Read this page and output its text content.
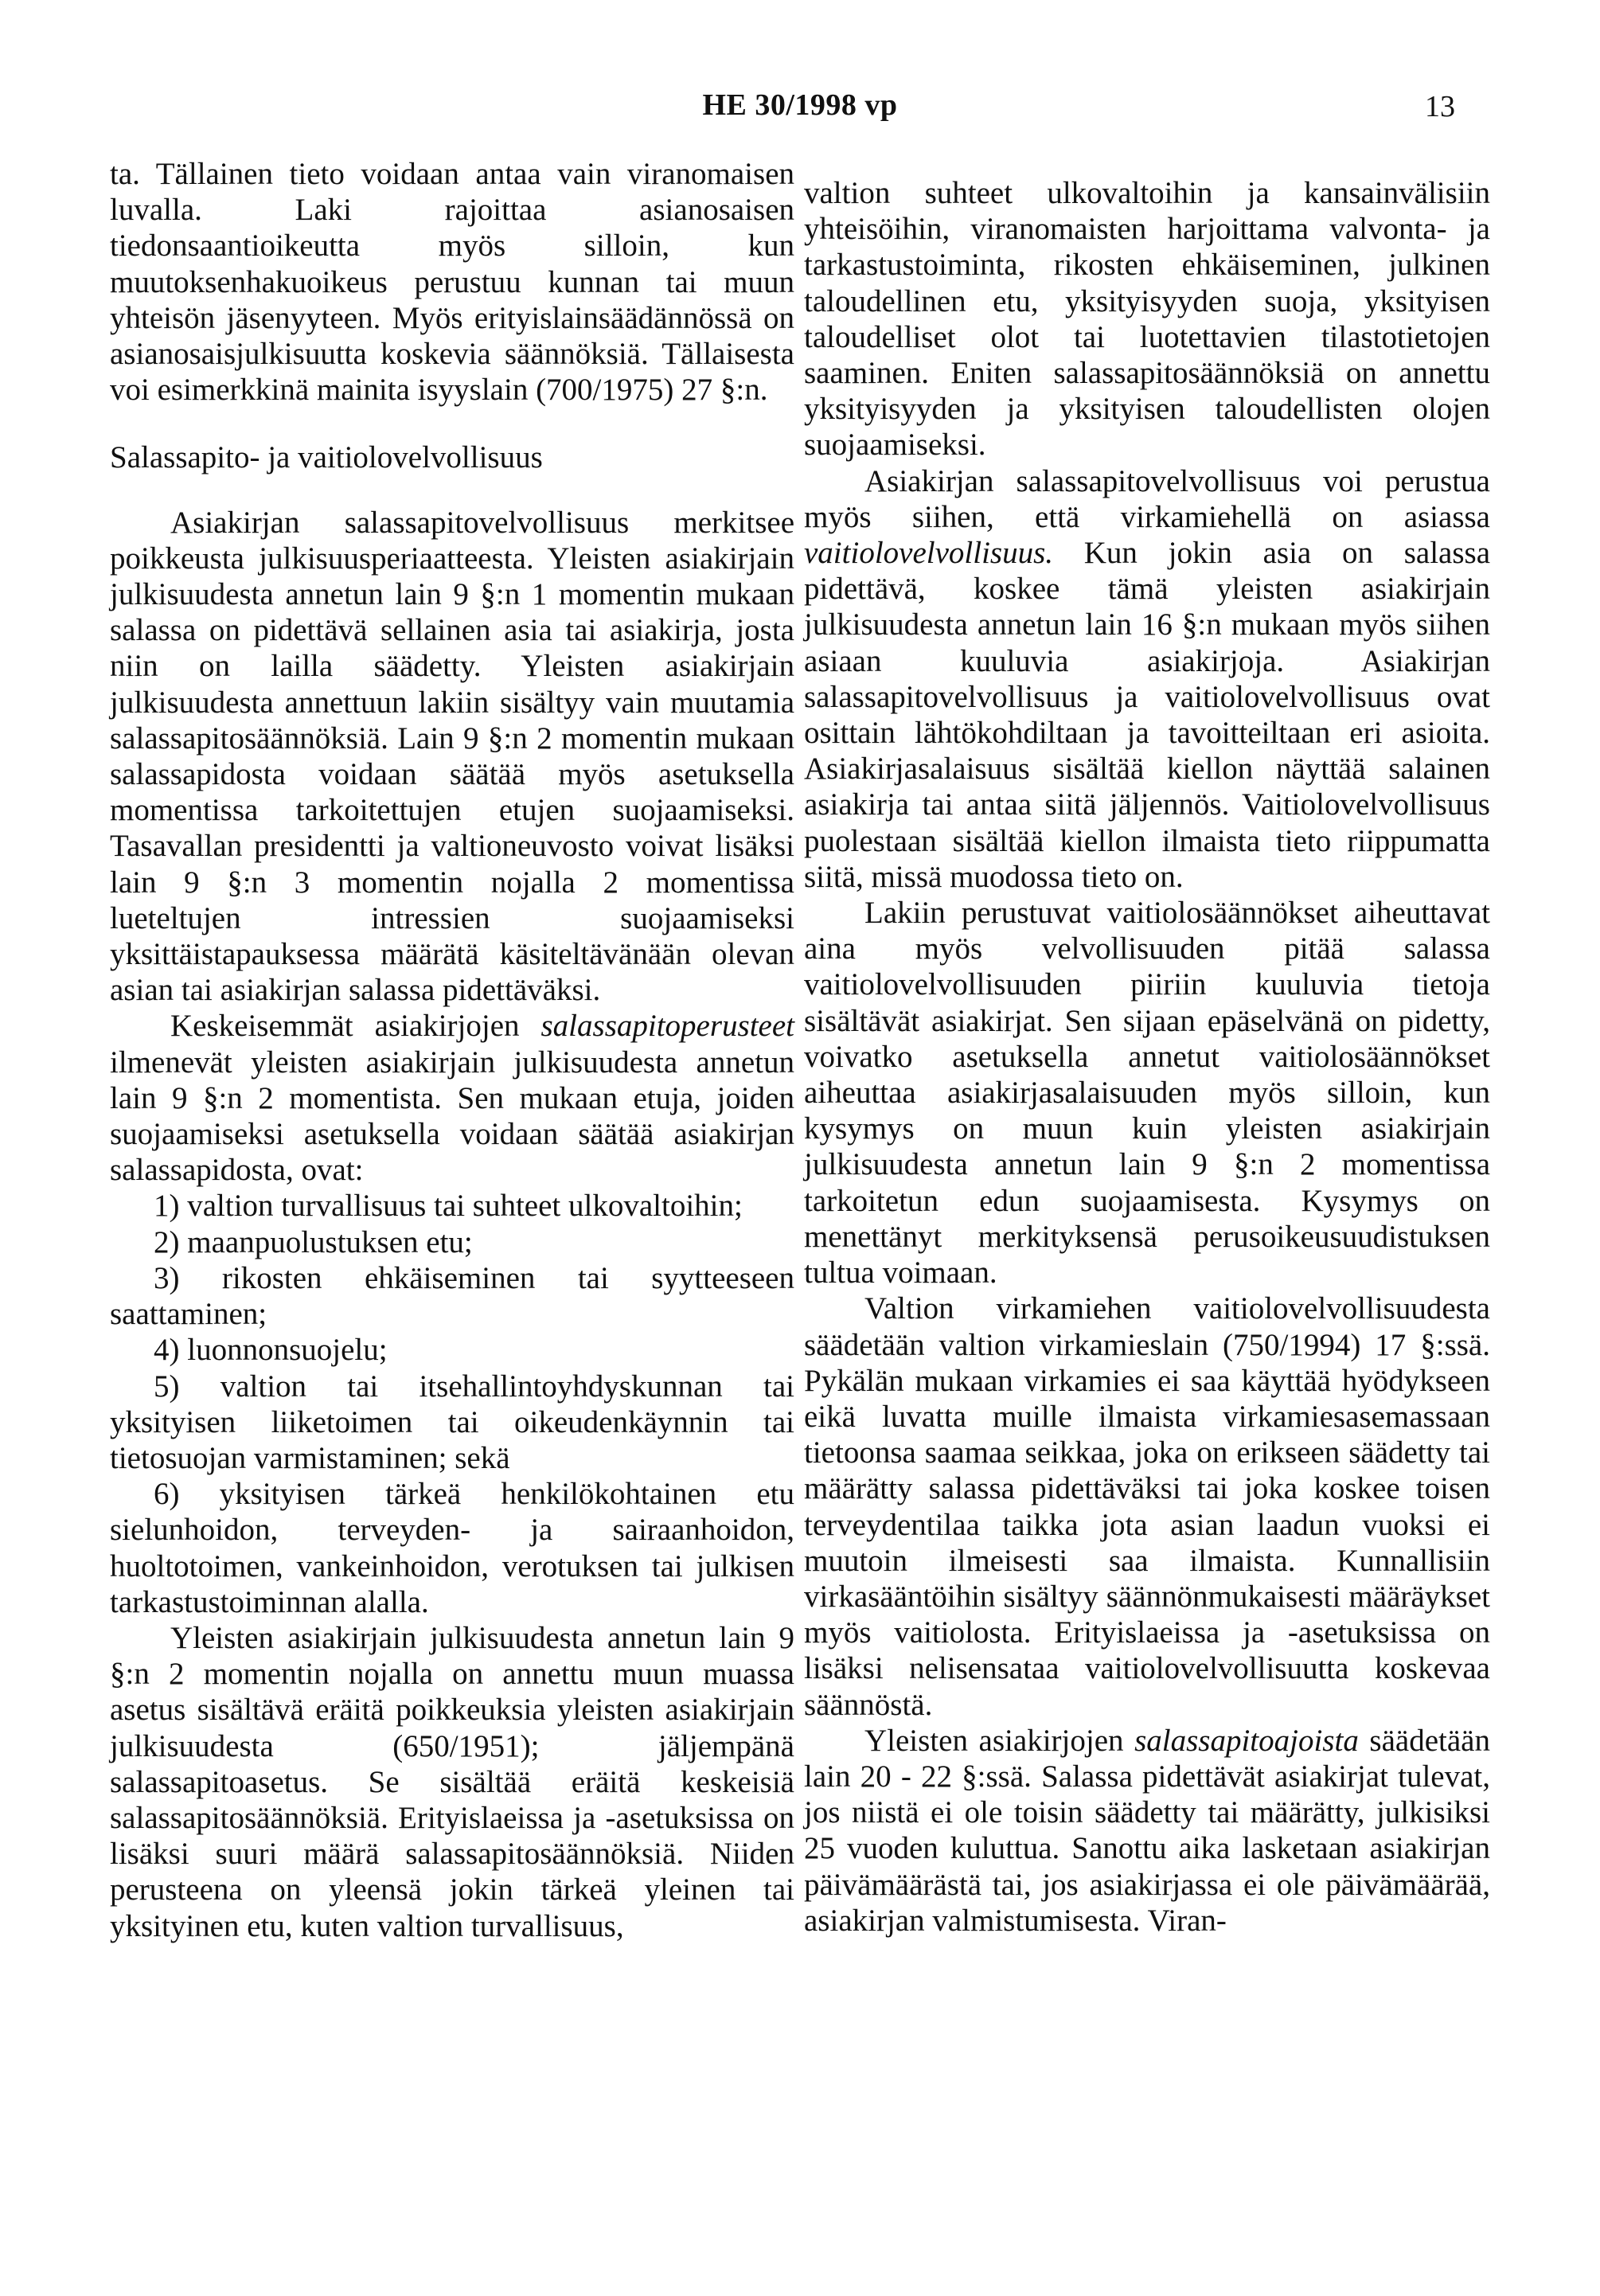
HE 30/1998 vp	13

ta. Tällainen tieto voidaan antaa vain viranomaisen luvalla. Laki rajoittaa asianosaisen tiedonsaantioikeutta myös silloin, kun muutoksenhakuoikeus perustuu kunnan tai muun yhteisön jäsenyyteen. Myös erityislainsäädännössä on asianosaisjulkisuutta koskevia säännöksiä. Tällaisesta voi esimerkkinä mainita isyyslain (700/1975) 27 §:n.

Salassapito- ja vaitiolovelvollisuus

Asiakirjan salassapitovelvollisuus merkitsee poikkeusta julkisuusperiaatteesta. Yleisten asiakirjain julkisuudesta annetun lain 9 §:n 1 momentin mukaan salassa on pidettävä sellainen asia tai asiakirja, josta niin on lailla säädetty. Yleisten asiakirjain julkisuudesta annettuun lakiin sisältyy vain muutamia salassapitosäännöksiä. Lain 9 §:n 2 momentin mukaan salassapidosta voidaan säätää myös asetuksella momentissa tarkoitettujen etujen suojaamiseksi. Tasavallan presidentti ja valtioneuvosto voivat lisäksi lain 9 §:n 3 momentin nojalla 2 momentissa lueteltujen intressien suojaamiseksi yksittäistapauksessa määrätä käsiteltävänään olevan asian tai asiakirjan salassa pidettäväksi.

Keskeisemmät asiakirjojen salassapitoperusteet ilmenevät yleisten asiakirjain julkisuudesta annetun lain 9 §:n 2 momentista. Sen mukaan etuja, joiden suojaamiseksi asetuksella voidaan säätää asiakirjan salassapidosta, ovat:

1) valtion turvallisuus tai suhteet ulkovaltoihin;

2) maanpuolustuksen etu;

3) rikosten ehkäiseminen tai syytteeseen saattaminen;

4) luonnonsuojelu;

5) valtion tai itsehallintoyhdyskunnan tai yksityisen liiketoimen tai oikeudenkäynnin tai tietosuojan varmistaminen; sekä

6) yksityisen tärkeä henkilökohtainen etu sielunhoidon, terveyden- ja sairaanhoidon, huoltotoimen, vankeinhoidon, verotuksen tai julkisen tarkastustoiminnan alalla.

Yleisten asiakirjain julkisuudesta annetun lain 9 §:n 2 momentin nojalla on annettu muun muassa asetus sisältävä eräitä poikkeuksia yleisten asiakirjain julkisuudesta (650/1951); jäljempänä salassapitoasetus. Se sisältää eräitä keskeisiä salassapitosäännöksiä. Erityislaeissa ja -asetuksissa on lisäksi suuri määrä salassapitosäännöksiä. Niiden perusteena on yleensä jokin tärkeä yleinen tai yksityinen etu, kuten valtion turvallisuus,

valtion suhteet ulkovaltoihin ja kansainvälisiin yhteisöihin, viranomaisten harjoittama valvonta- ja tarkastustoiminta, rikosten ehkäiseminen, julkinen taloudellinen etu, yksityisyyden suoja, yksityisen taloudelliset olot tai luotettavien tilastotietojen saaminen. Eniten salassapitosäännöksiä on annettu yksityisyyden ja yksityisen taloudellisten olojen suojaamiseksi.

Asiakirjan salassapitovelvollisuus voi perustua myös siihen, että virkamiehellä on asiassa vaitiolovelvollisuus. Kun jokin asia on salassa pidettävä, koskee tämä yleisten asiakirjain julkisuudesta annetun lain 16 §:n mukaan myös siihen asiaan kuuluvia asiakirjoja. Asiakirjan salassapitovelvollisuus ja vaitiolovelvollisuus ovat osittain lähtökohdiltaan ja tavoitteiltaan eri asioita. Asiakirjasalaisuus sisältää kiellon näyttää salainen asiakirja tai antaa siitä jäljennös. Vaitiolovelvollisuus puolestaan sisältää kiellon ilmaista tieto riippumatta siitä, missä muodossa tieto on.

Lakiin perustuvat vaitiolosäännökset aiheuttavat aina myös velvollisuuden pitää salassa vaitiolovelvollisuuden piiriin kuuluvia tietoja sisältävät asiakirjat. Sen sijaan epäselvänä on pidetty, voivatko asetuksella annetut vaitiolosäännökset aiheuttaa asiakirjasalaisuuden myös silloin, kun kysymys on muun kuin yleisten asiakirjain julkisuudesta annetun lain 9 §:n 2 momentissa tarkoitetun edun suojaamisesta. Kysymys on menettänyt merkityksensä perusoikeusuudistuksen tultua voimaan.

Valtion virkamiehen vaitiolovelvollisuudesta säädetään valtion virkamieslain (750/1994) 17 §:ssä. Pykälän mukaan virkamies ei saa käyttää hyödykseen eikä luvatta muille ilmaista virkamiesasemassaan tietoonsa saamaa seikkaa, joka on erikseen säädetty tai määrätty salassa pidettäväksi tai joka koskee toisen terveydentilaa taikka jota asian laadun vuoksi ei muutoin ilmeisesti saa ilmaista. Kunnallisiin virkasääntöihin sisältyy säännönmukaisesti määräykset myös vaitiolosta. Erityislaeissa ja -asetuksissa on lisäksi nelisensataa vaitiolovelvollisuutta koskevaa säännöstä.

Yleisten asiakirjojen salassapitoajoista säädetään lain 20 - 22 §:ssä. Salassa pidettävät asiakirjat tulevat, jos niistä ei ole toisin säädetty tai määrätty, julkisiksi 25 vuoden kuluttua. Sanottu aika lasketaan asiakirjan päivämäärästä tai, jos asiakirjassa ei ole päivämäärää, asiakirjan valmistumisesta. Viran-
